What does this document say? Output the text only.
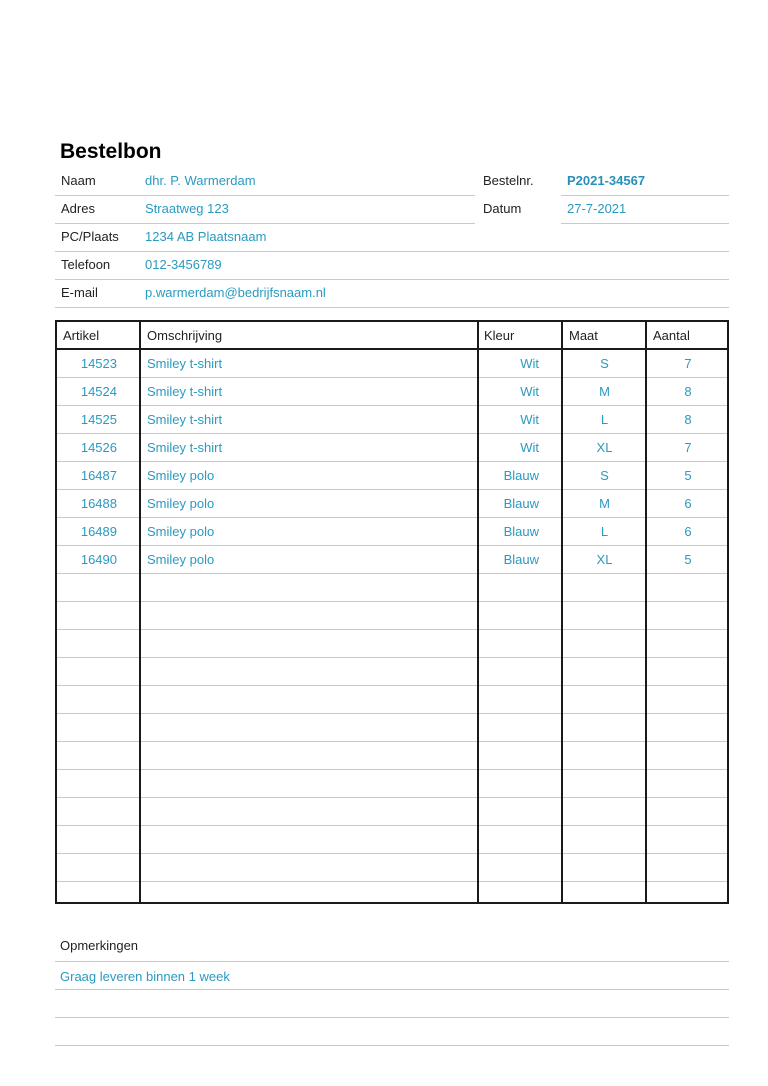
Bestelbon
Naam	dhr. P. Warmerdam
Adres	Straatweg 123
PC/Plaats 1234 AB Plaatsnaam
Telefoon	012-3456789
E-mail	p.warmerdam@bedrijfsnaam.nl
Bestelnr.	P2021-34567
Datum	27-7-2021
Artikel	Omschrijving	Kleur	Maat	Aantal
14523	Smiley t-shirt	Wit	S	7
14524	Smiley t-shirt	Wit	M	8
14525	Smiley t-shirt	Wit	L	8
14526	Smiley t-shirt	Wit	XL	7
16487	Smiley polo	Blauw	S	5
16488	Smiley polo	Blauw	M	6
16489	Smiley polo	Blauw	L	6
16490	Smiley polo	Blauw	XL	5
Opmerkingen
Graag leveren binnen 1 week
